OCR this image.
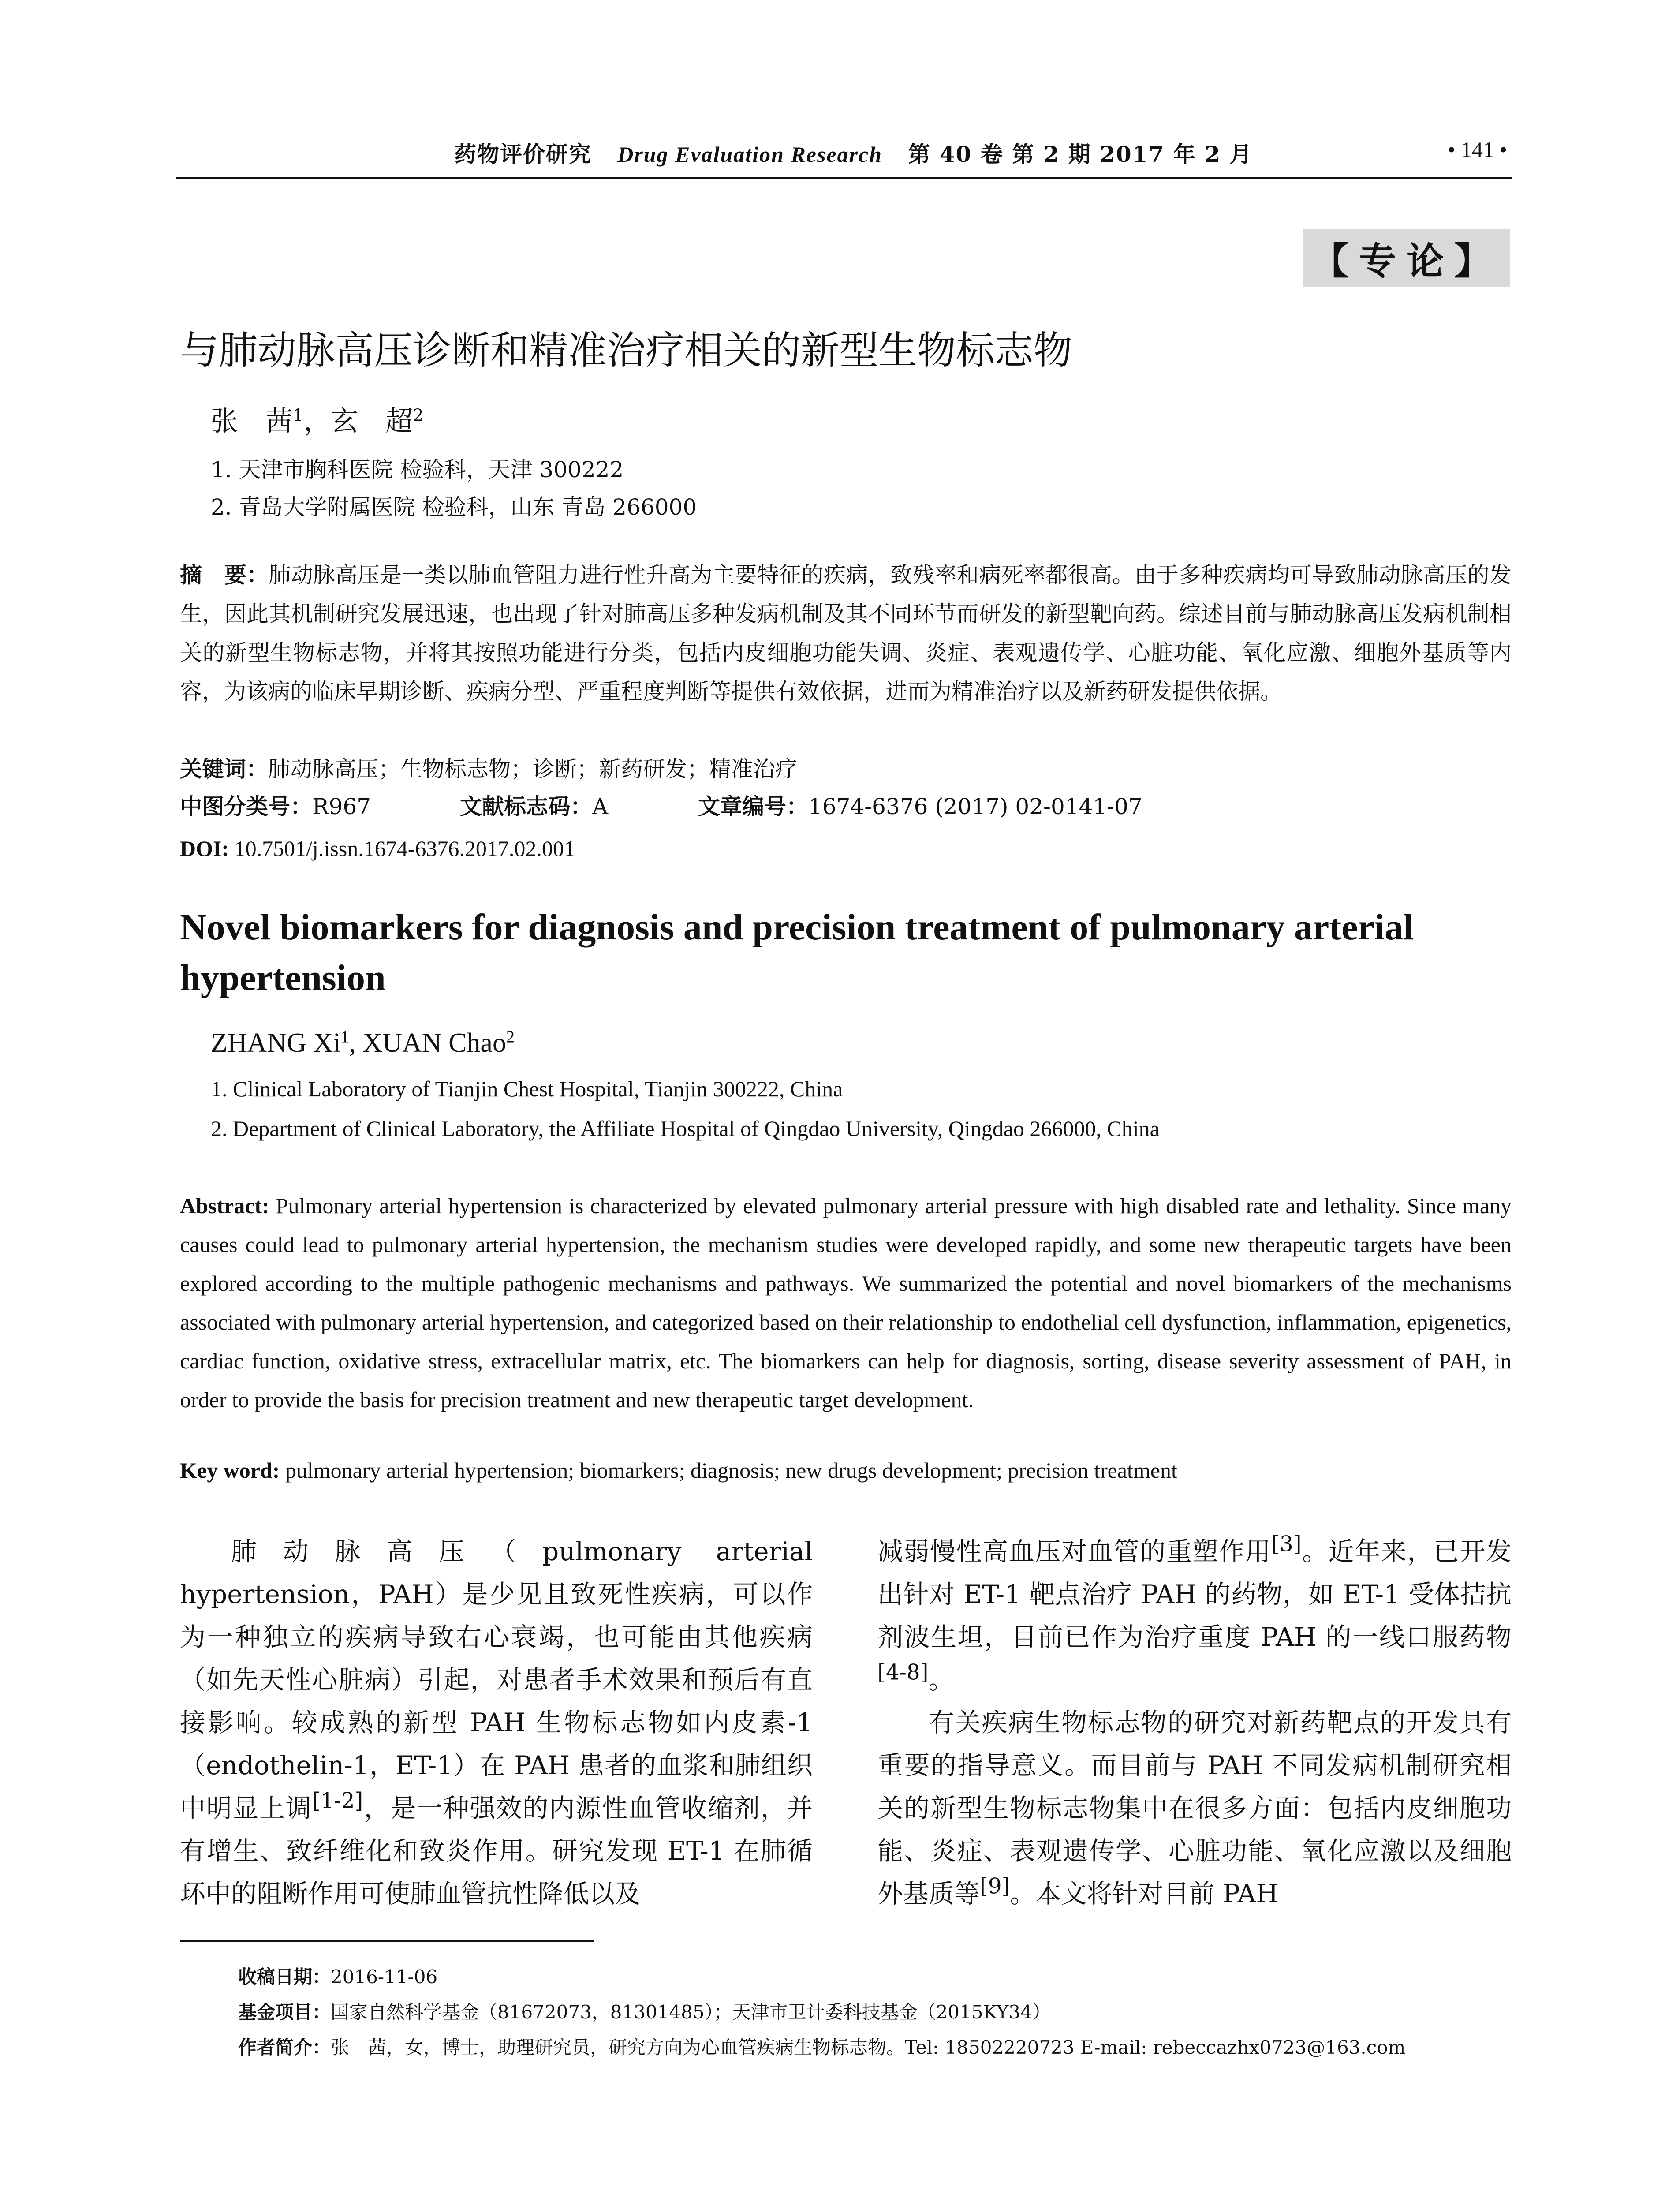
药物评价研究 Drug Evaluation Research 第 40 卷 第 2 期 2017 年 2 月	• 141 •
【专论】
与肺动脉高压诊断和精准治疗相关的新型生物标志物
张　茜$^1$，玄　超$^2$
1. 天津市胸科医院 检验科，天津 300222
2. 青岛大学附属医院 检验科，山东 青岛 266000
摘　要：肺动脉高压是一类以肺血管阻力进行性升高为主要特征的疾病，致残率和病死率都很高。由于多种疾病均可导致肺动脉高压的发生，因此其机制研究发展迅速，也出现了针对肺高压多种发病机制及其不同环节而研发的新型靶向药。综述目前与肺动脉高压发病机制相关的新型生物标志物，并将其按照功能进行分类，包括内皮细胞功能失调、炎症、表观遗传学、心脏功能、氧化应激、细胞外基质等内容，为该病的临床早期诊断、疾病分型、严重程度判断等提供有效依据，进而为精准治疗以及新药研发提供依据。
关键词：肺动脉高压；生物标志物；诊断；新药研发；精准治疗
中图分类号：R967	文献标志码：A	文章编号：1674-6376 (2017) 02-0141-07
DOI: 10.7501/j.issn.1674-6376.2017.02.001
Novel biomarkers for diagnosis and precision treatment of pulmonary arterial hypertension
ZHANG Xi$^1$, XUAN Chao$^2$
1. Clinical Laboratory of Tianjin Chest Hospital, Tianjin 300222, China
2. Department of Clinical Laboratory, the Affiliate Hospital of Qingdao University, Qingdao 266000, China
Abstract: Pulmonary arterial hypertension is characterized by elevated pulmonary arterial pressure with high disabled rate and lethality. Since many causes could lead to pulmonary arterial hypertension, the mechanism studies were developed rapidly, and some new therapeutic targets have been explored according to the multiple pathogenic mechanisms and pathways. We summarized the potential and novel biomarkers of the mechanisms associated with pulmonary arterial hypertension, and categorized based on their relationship to endothelial cell dysfunction, inflammation, epigenetics, cardiac function, oxidative stress, extracellular matrix, etc. The biomarkers can help for diagnosis, sorting, disease severity assessment of PAH, in order to provide the basis for precision treatment and new therapeutic target development.
Key word: pulmonary arterial hypertension; biomarkers; diagnosis; new drugs development; precision treatment

肺动脉高压（pulmonary arterial hypertension，PAH）是少见且致死性疾病，可以作为一种独立的疾病导致右心衰竭，也可能由其他疾病（如先天性心脏病）引起，对患者手术效果和预后有直接影响。较成熟的新型 PAH 生物标志物如内皮素-1（endothelin-1，ET-1）在 PAH 患者的血浆和肺组织中明显上调[1-2]，是一种强效的内源性血管收缩剂，并有增生、致纤维化和致炎作用。研究发现 ET-1 在肺循环中的阻断作用可使肺血管抗性降低以及

减弱慢性高血压对血管的重塑作用[3]。近年来，已开发出针对 ET-1 靶点治疗 PAH 的药物，如 ET-1 受体拮抗剂波生坦，目前已作为治疗重度 PAH 的一线口服药物[4-8]。

有关疾病生物标志物的研究对新药靶点的开发具有重要的指导意义。而目前与 PAH 不同发病机制研究相关的新型生物标志物集中在很多方面：包括内皮细胞功能、炎症、表观遗传学、心脏功能、氧化应激以及细胞外基质等[9]。本文将针对目前 PAH

收稿日期：2016-11-06
基金项目：国家自然科学基金（81672073，81301485）；天津市卫计委科技基金（2015KY34）
作者简介：张　茜，女，博士，助理研究员，研究方向为心血管疾病生物标志物。Tel: 18502220723 E-mail: rebeccazhx0723@163.com
